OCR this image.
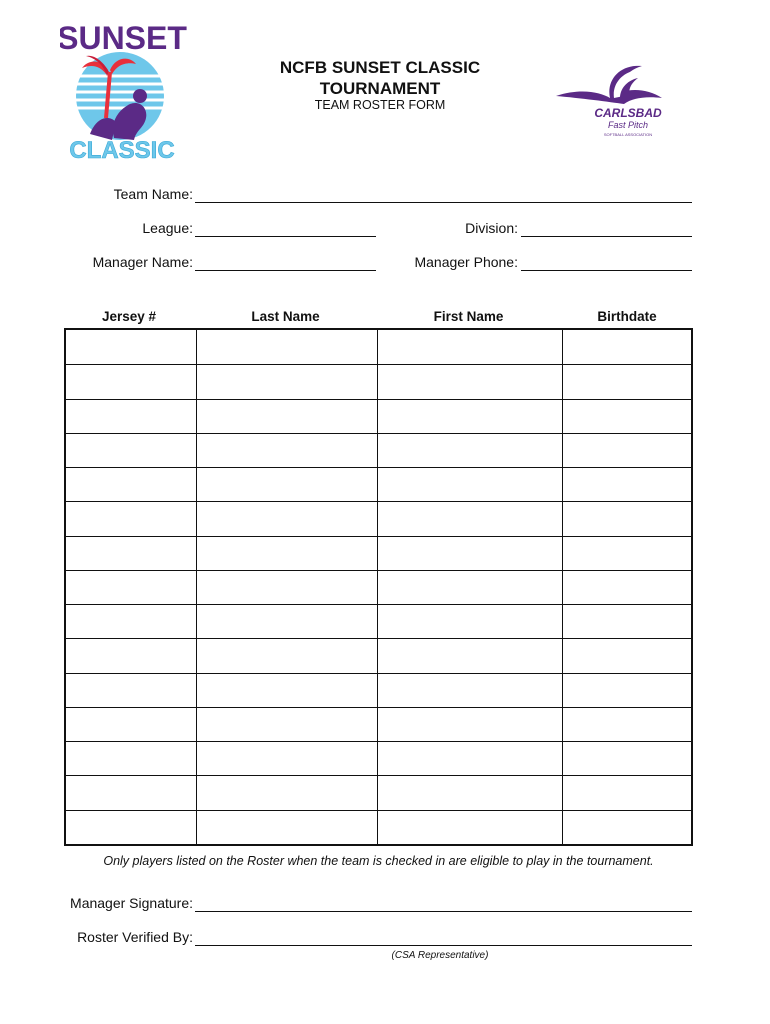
SUNSET
CLASSIC
NCFB SUNSET CLASSIC
TOURNAMENT
TEAM ROSTER FORM
CARLSBAD
Fast Pitch
SOFTBALL ASSOCIATION
Team Name:
League:	Division:
Manager Name:	Manager Phone:
Jersey #	Last Name	First Name	Birthdate
Only players listed on the Roster when the team is checked in are eligible to play in the tournament.
Manager Signature:
Roster Verified By:
(CSA Representative)
